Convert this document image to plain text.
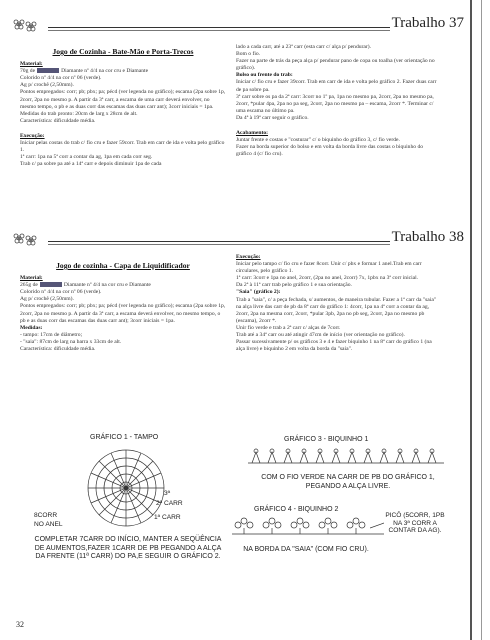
Trabalho 37

Jogo de Cozinha - Bate-Mão e Porta-Trecos

Material:

70g de	Diamante nº 4/4 na cor cru e Diamante

Colorido nº 4/4 na cor nº 06 (verde).

Ag p/ crochê (2,50mm).

Pontos empregados: corr; pb; pbx; pa; pécd (ver legenda no gráfico); escama (2pa sobre 1p, 2corr, 2pa no mesmo p. A partir da 3ª carr, a escama de uma carr deverá envolver, no mesmo tempo, o pb e as duas corr das escamas das duas carr ant); 3corr iniciais = 1pa.

Medidas do trab pronto: 20cm de larg x 28cm de alt.

Característica: dificuldade média.

Execução:

Iniciar pelas costas do trab c/ fio cru e fazer 59corr. Trab em carr de ida e volta pelo gráfico 1.

1ª carr: 1pa na 5ª corr a contar da ag, 1pa em cada corr seg.

Trab c/ pa sobre pa até a 14ª carr e depois diminuir 1pa de cada

lado a cada carr, até a 23ª carr (esta carr c/ alça p/ pendurar).

Bom o fio.

Fazer na parte de trás da peça alça p/ pendurar pano de copa ou toalha (ver orientação no gráfico).

Bolso ou frente do trab:

Iniciar c/ fio cru e fazer 39corr. Trab em carr de ida e volta pelo gráfico 2. Fazer duas carr de pa sobre pa.

3ª carr sobre os pa da 2ª carr: 3corr no 1º pa, 1pa no mesmo pa, 2corr, 2pa no mesmo pa, 2corr, *pular 4pa, 2pa no pa seg, 2corr, 2pa no mesmo pa – escama, 2corr *. Terminar c/ uma escama no último pa.

Da 4ª à 19ª carr seguir o gráfico.

Acabamento:

Juntar frente e costas e "costurar" c/ o biquinho do gráfico 3, c/ fio verde.

Fazer na borda superior do bolso e em volta da borda livre das costas o biquinho do gráfico 4 (c/ fio cru).

Trabalho 38

Jogo de cozinha - Capa de Liquidificador

Material:

265g de	Diamante nº 4/4 na cor cru e Diamante

Colorido nº 4/4 na cor nº 06 (verde).

Ag p/ crochê (2,50mm).

Pontos empregados: corr; pb; pbx; pa; pécd (ver legenda no gráfico); escama (2pa sobre 1p, 2corr, 2pa no mesmo p. A partir da 3ª carr, a escama deverá envolver, no mesmo tempo, o pb e as duas corr das escamas das duas carr ant); 3corr iniciais = 1pa.

Medidas:

- tampo: 17cm de diâmetro;

- "saia": 87cm de larg na barra x 33cm de alt.

Característica: dificuldade média.

Execução:

Iniciar pelo tampo c/ fio cru e fazer 8corr. Unir c/ pbx e formar 1 anel.Trab em carr circulares, pelo gráfico 1.

1ª carr: 3corr e 1pa no anel, 2corr, (2pa no anel, 2corr) 7x, 1pbx na 3ª corr inicial.

Da 2ª à 11ª carr trab pelo gráfico 1 e sua orientação.

"Saia" (gráfico 2):

Trab a "saia", c/ a peça fechada, s/ aumentos, de maneira tubular. Fazer a 1ª carr da "saia" na alça livre das carr de pb da 8ª carr do gráfico 1: 4corr, 1pa na 4ª corr a contar da ag, 2corr, 2pa na mesma corr, 2corr, *pular 3pb, 2pa no pb seg, 2corr, 2pa no mesmo pb (escama), 2corr *.

Unir fio verde e trab a 2ª carr c/ alças de 7corr.

Trab até a 34ª carr ou até atingir 47cm de início (ver orientação no gráfico).

Passar sucessivamente p/ os gráficos 3 e 4 e fazer biquinho 1 na 8ª carr do gráfico 1 (na alça livre) e biquinho 2 em volta da borda da "saia".

GRÁFICO 1 - TAMPO
3ª
2ª CARR
1ª CARR
8CORR
NO ANEL
COMPLETAR 7CARR DO INÍCIO, MANTER A SEQÜÊNCIA DE AUMENTOS,FAZER 1CARR DE PB PEGANDO A ALÇA DA FRENTE (11ª CARR) DO PA,E SEGUIR O GRÁFICO 2.
GRÁFICO 3 - BIQUINHO 1
COM O FIO VERDE NA CARR DE PB DO GRÁFICO 1, PEGANDO A ALÇA LIVRE.
GRÁFICO 4 - BIQUINHO 2
PICÔ (5CORR, 1PB NA 3ª CORR A CONTAR DA AG).
NA BORDA DA "SAIA" (COM FIO CRU).
32
